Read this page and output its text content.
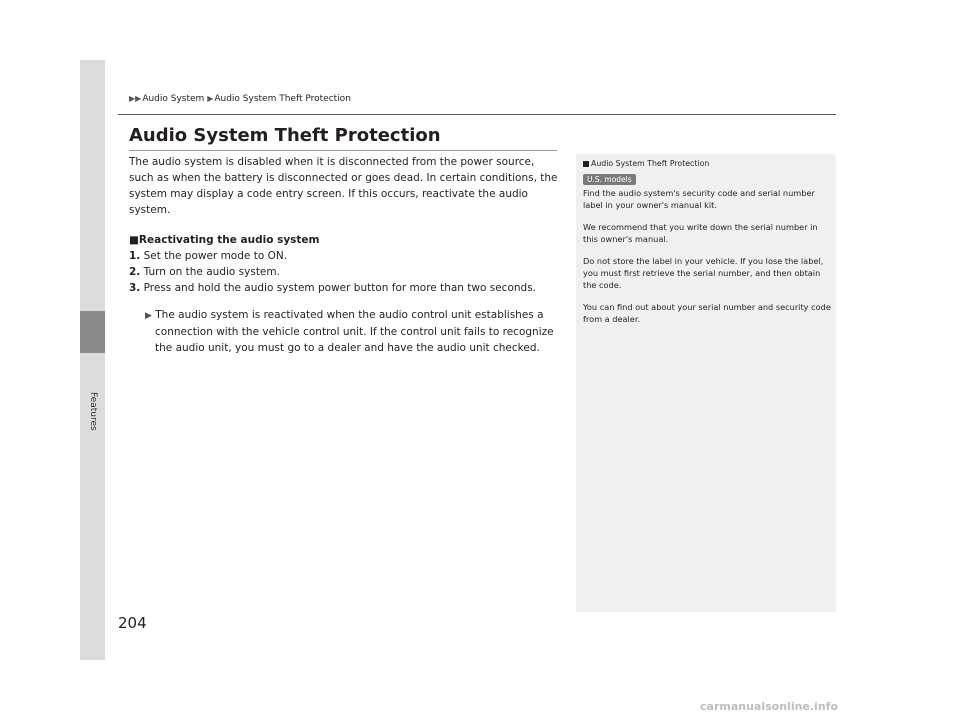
Features
204
▶▶Audio System ▶Audio System Theft Protection
Audio System Theft Protection

The audio system is disabled when it is disconnected from the power source, such as when the battery is disconnected or goes dead. In certain conditions, the system may display a code entry screen. If this occurs, reactivate the audio system.

■Reactivating the audio system

1. Set the power mode to ON.
2. Turn on the audio system.
3. Press and hold the audio system power button for more than two seconds.

▶ The audio system is reactivated when the audio control unit establishes a connection with the vehicle control unit. If the control unit fails to recognize the audio unit, you must go to a dealer and have the audio unit checked.

Audio System Theft Protection

U.S. models

Find the audio system's security code and serial number label in your owner's manual kit.

We recommend that you write down the serial number in this owner's manual.

Do not store the label in your vehicle. If you lose the label, you must first retrieve the serial number, and then obtain the code.

You can find out about your serial number and security code from a dealer.

carmanualsonline.info
